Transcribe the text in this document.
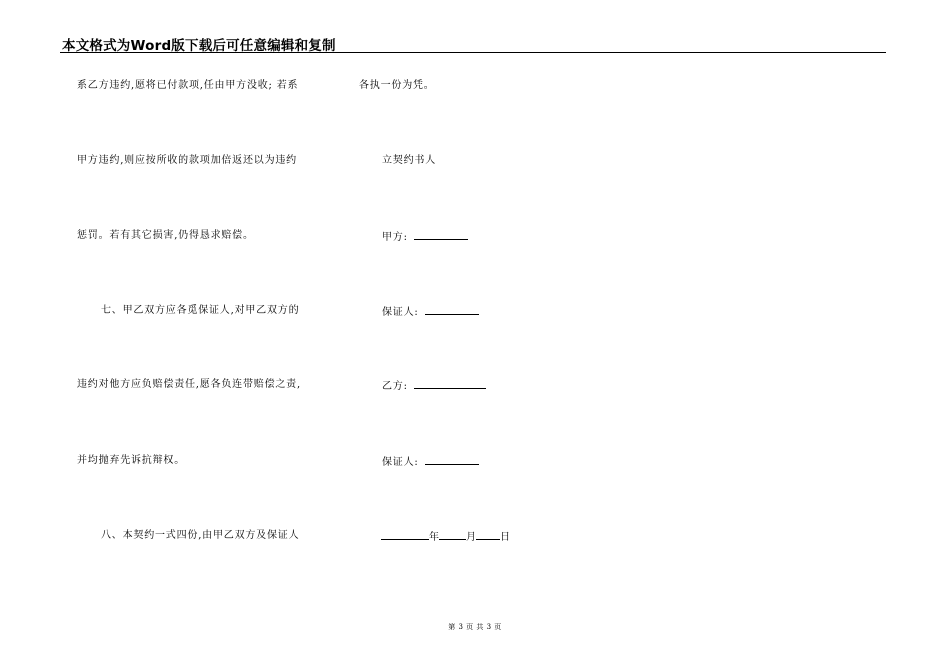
本文格式为Word版下载后可任意编辑和复制
系乙方违约,愿将已付款项,任由甲方没收; 若系
甲方违约,则应按所收的款项加倍返还以为违约
惩罚。若有其它损害,仍得恳求赔偿。
七、甲乙双方应各觅保证人,对甲乙双方的
违约对他方应负赔偿责任,愿各负连带赔偿之责,
并均抛弃先诉抗辩权。
八、本契约一式四份,由甲乙双方及保证人
各执一份为凭。
立契约书人
甲方:
保证人:
乙方:
保证人:
年	月 日
第 3 页 共 3 页
